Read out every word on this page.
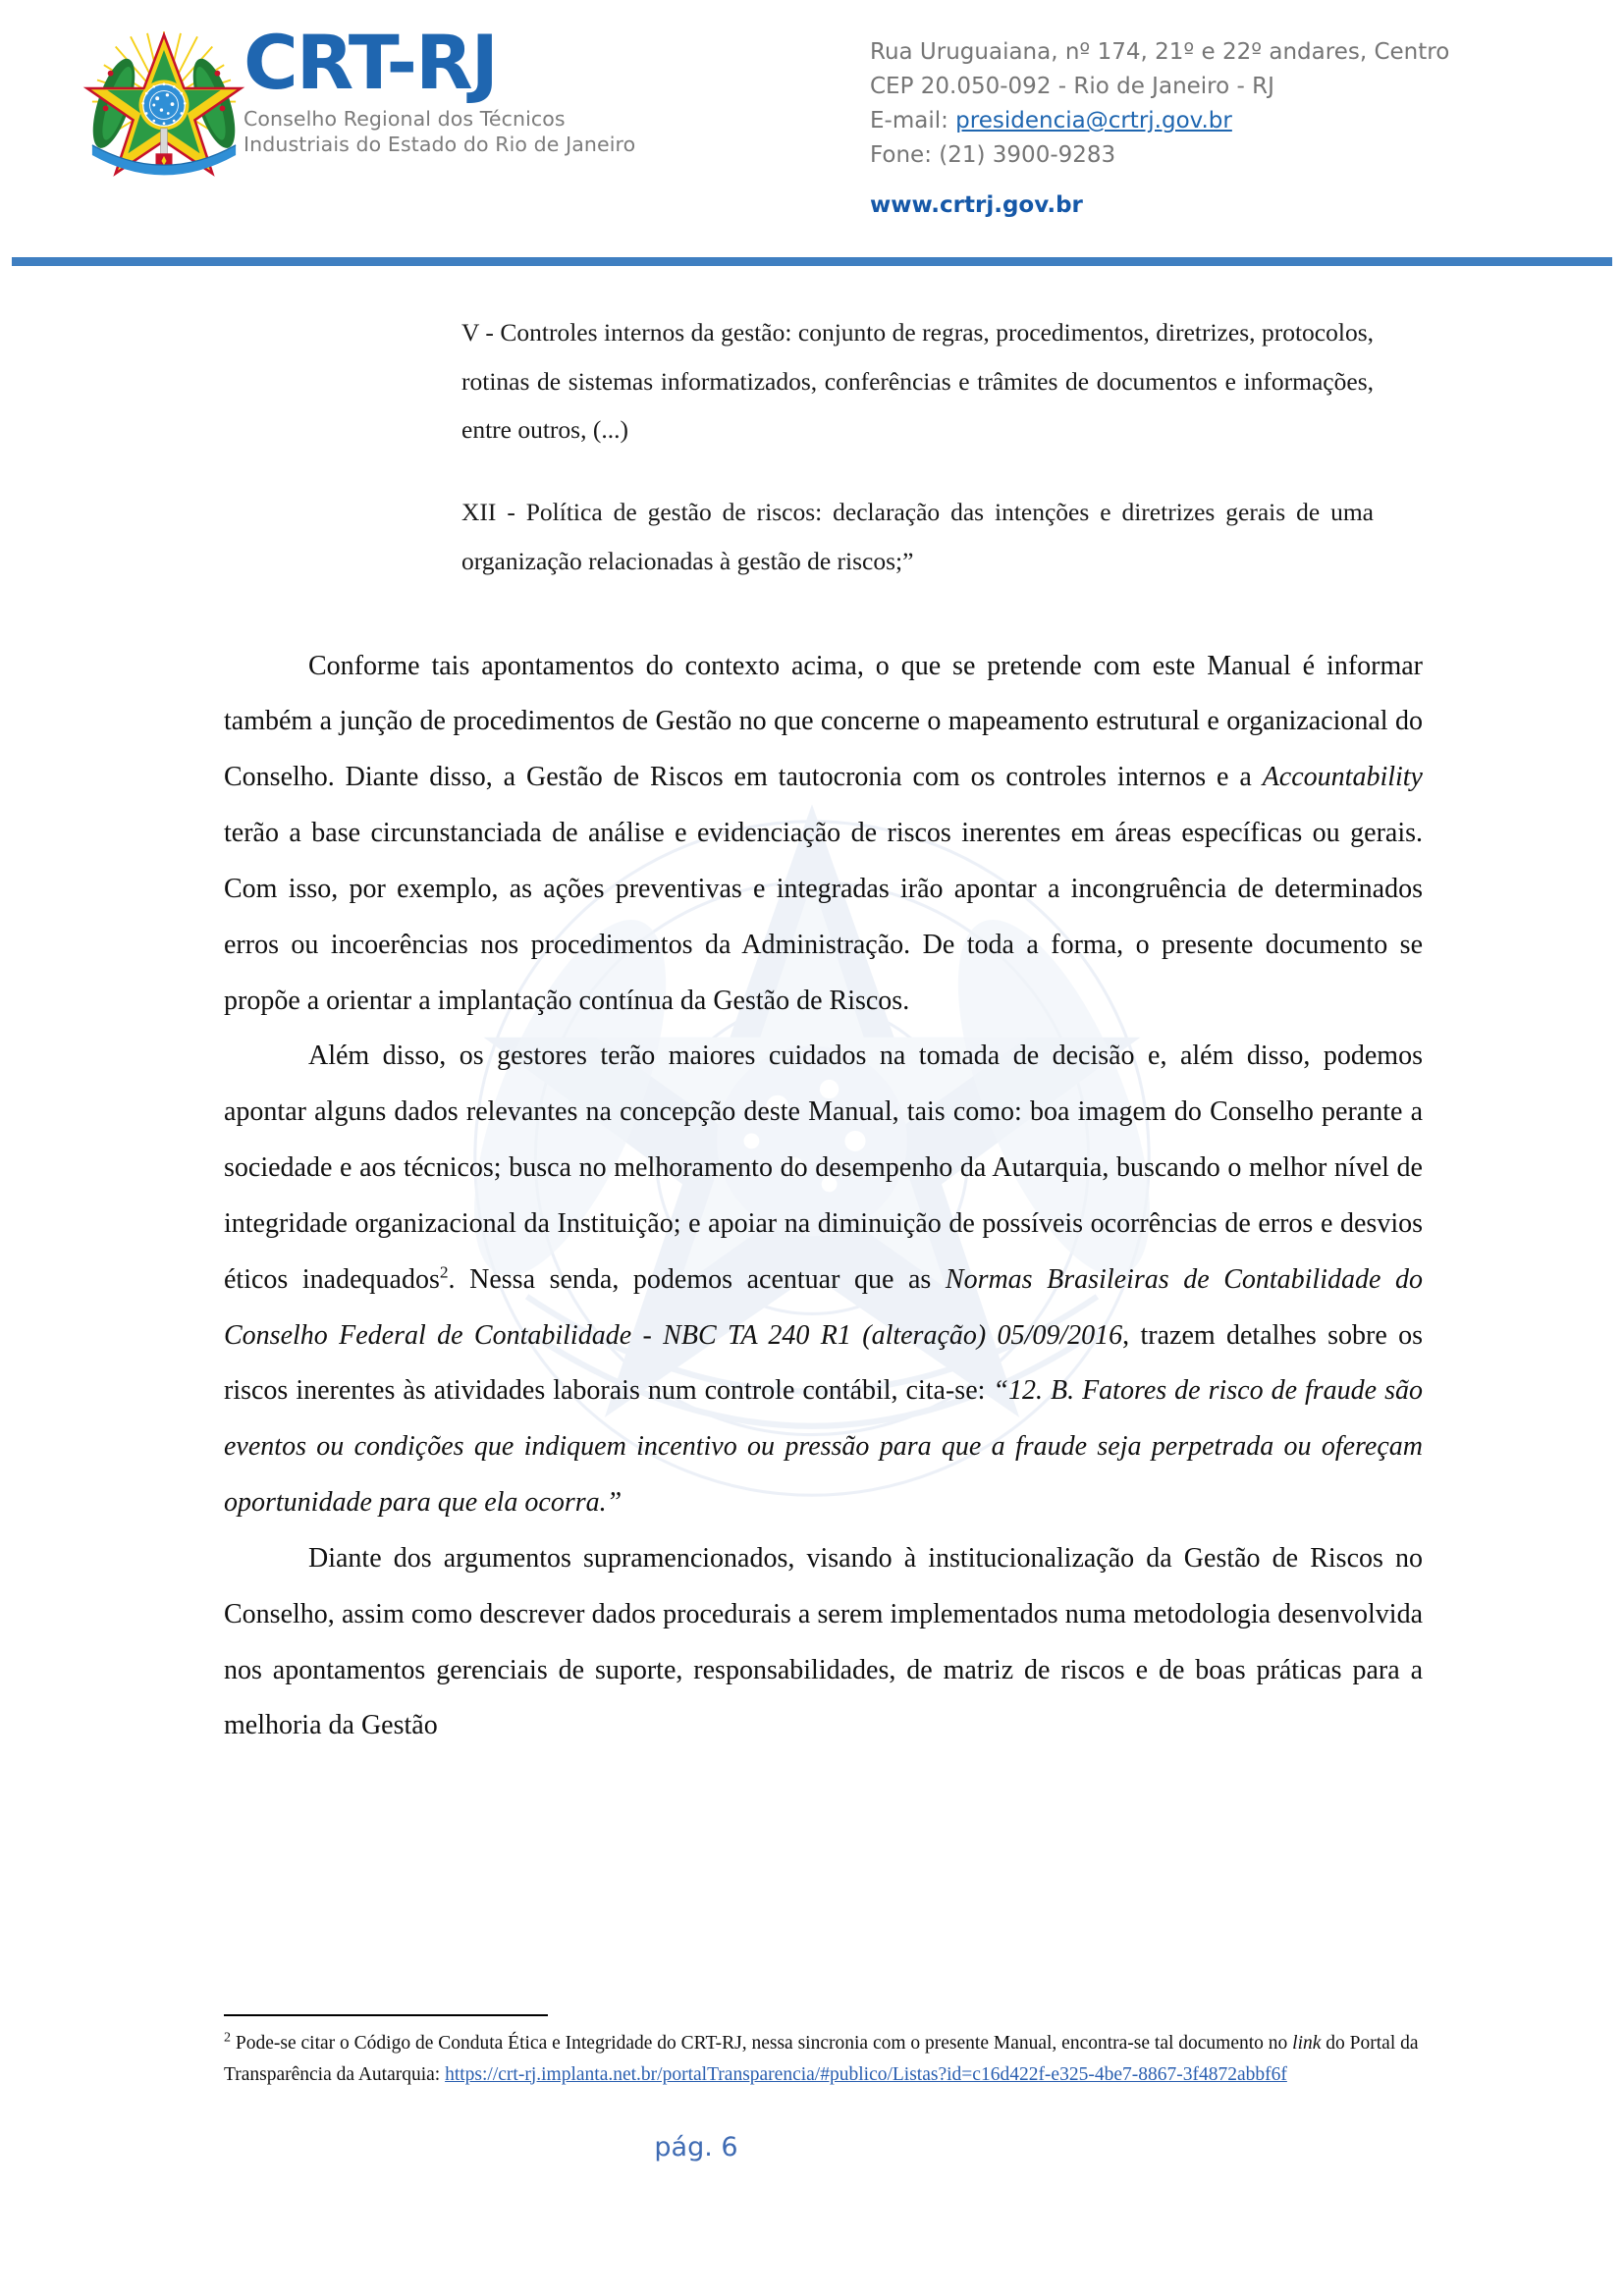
CRT-RJ
Conselho Regional dos Técnicos
Industriais do Estado do Rio de Janeiro
Rua Uruguaiana, nº 174, 21º e 22º andares, Centro
CEP 20.050-092 - Rio de Janeiro - RJ
E-mail: presidencia@crtrj.gov.br
Fone: (21) 3900-9283
www.crtrj.gov.br

V - Controles internos da gestão: conjunto de regras, procedimentos, diretrizes, protocolos, rotinas de sistemas informatizados, conferências e trâmites de documentos e informações, entre outros, (...)

XII - Política de gestão de riscos: declaração das intenções e diretrizes gerais de uma organização relacionadas à gestão de riscos;”

Conforme tais apontamentos do contexto acima, o que se pretende com este Manual é informar também a junção de procedimentos de Gestão no que concerne o mapeamento estrutural e organizacional do Conselho. Diante disso, a Gestão de Riscos em tautocronia com os controles internos e a Accountability terão a base circunstanciada de análise e evidenciação de riscos inerentes em áreas específicas ou gerais. Com isso, por exemplo, as ações preventivas e integradas irão apontar a incongruência de determinados erros ou incoerências nos procedimentos da Administração. De toda a forma, o presente documento se propõe a orientar a implantação contínua da Gestão de Riscos.

Além disso, os gestores terão maiores cuidados na tomada de decisão e, além disso, podemos apontar alguns dados relevantes na concepção deste Manual, tais como: boa imagem do Conselho perante a sociedade e aos técnicos; busca no melhoramento do desempenho da Autarquia, buscando o melhor nível de integridade organizacional da Instituição; e apoiar na diminuição de possíveis ocorrências de erros e desvios éticos inadequados$^2$. Nessa senda, podemos acentuar que as Normas Brasileiras de Contabilidade do Conselho Federal de Contabilidade - NBC TA 240 R1 (alteração) 05/09/2016, trazem detalhes sobre os riscos inerentes às atividades laborais num controle contábil, cita-se: “12. B. Fatores de risco de fraude são eventos ou condições que indiquem incentivo ou pressão para que a fraude seja perpetrada ou ofereçam oportunidade para que ela ocorra.”

Diante dos argumentos supramencionados, visando à institucionalização da Gestão de Riscos no Conselho, assim como descrever dados procedurais a serem implementados numa metodologia desenvolvida nos apontamentos gerenciais de suporte, responsabilidades, de matriz de riscos e de boas práticas para a melhoria da Gestão

$^2$ Pode-se citar o Código de Conduta Ética e Integridade do CRT-RJ, nessa sincronia com o presente Manual, encontra-se tal documento no link do Portal da Transparência da Autarquia: https://crt-rj.implanta.net.br/portalTransparencia/#publico/Listas?id=c16d422f-e325-4be7-8867-3f4872abbf6f
pág. 6
